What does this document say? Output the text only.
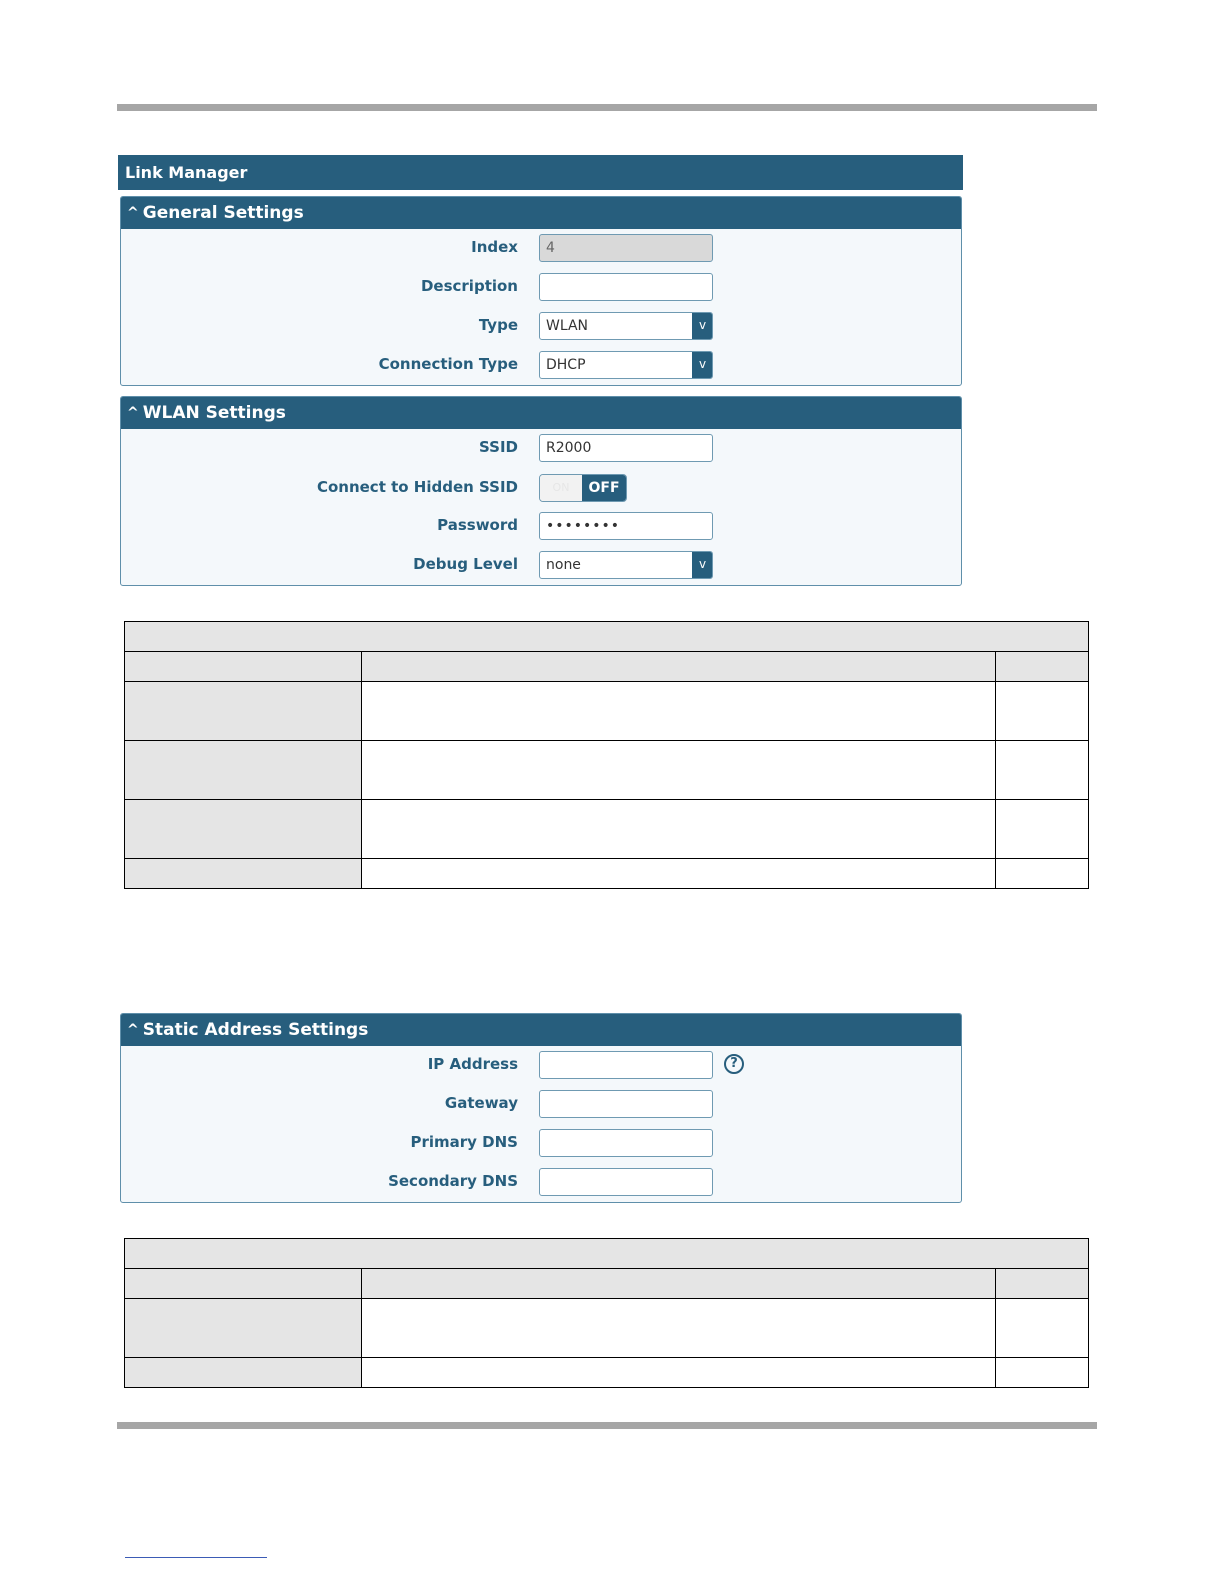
Link Manager
^ General Settings
Index	4
Description
Type	WLAN	v
Connection Type	DHCP	v
^ WLAN Settings
SSID	R2000
Connect to Hidden SSID	ON	OFF
Password	••••••••
Debug Level	none	v

^ Static Address Settings
IP Address	?
Gateway
Primary DNS
Secondary DNS
